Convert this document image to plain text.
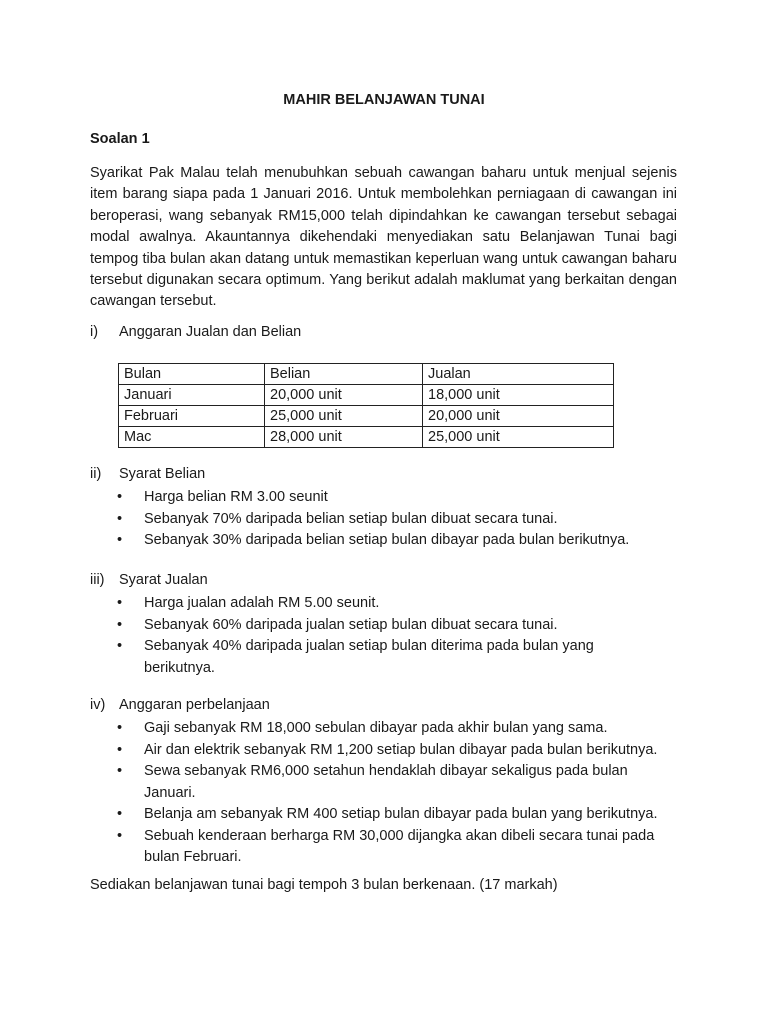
MAHIR BELANJAWAN TUNAI
Soalan 1
Syarikat Pak Malau telah menubuhkan sebuah cawangan baharu untuk menjual sejenis item barang siapa pada 1 Januari 2016. Untuk membolehkan perniagaan di cawangan ini beroperasi, wang sebanyak RM15,000 telah dipindahkan ke cawangan tersebut sebagai modal awalnya. Akauntannya dikehendaki menyediakan satu Belanjawan Tunai bagi tempog tiba bulan akan datang untuk memastikan keperluan wang untuk cawangan baharu tersebut digunakan secara optimum. Yang berikut adalah maklumat yang berkaitan dengan cawangan tersebut.
i) Anggaran Jualan dan Belian
Bulan	Belian	Jualan
Januari	20,000 unit	18,000 unit
Februari	25,000 unit	20,000 unit
Mac	28,000 unit	25,000 unit
ii) Syarat Belian
• Harga belian RM 3.00 seunit
• Sebanyak 70% daripada belian setiap bulan dibuat secara tunai.
• Sebanyak 30% daripada belian setiap bulan dibayar pada bulan berikutnya.
iii) Syarat Jualan
• Harga jualan adalah RM 5.00 seunit.
• Sebanyak 60% daripada jualan setiap bulan dibuat secara tunai.
• Sebanyak 40% daripada jualan setiap bulan diterima pada bulan yang berikutnya.
iv) Anggaran perbelanjaan
• Gaji sebanyak RM 18,000 sebulan dibayar pada akhir bulan yang sama.
• Air dan elektrik sebanyak RM 1,200 setiap bulan dibayar pada bulan berikutnya.
• Sewa sebanyak RM6,000 setahun hendaklah dibayar sekaligus pada bulan Januari.
• Belanja am sebanyak RM 400 setiap bulan dibayar pada bulan yang berikutnya.
• Sebuah kenderaan berharga RM 30,000 dijangka akan dibeli secara tunai pada bulan Februari.
Sediakan belanjawan tunai bagi tempoh 3 bulan berkenaan. (17 markah)
